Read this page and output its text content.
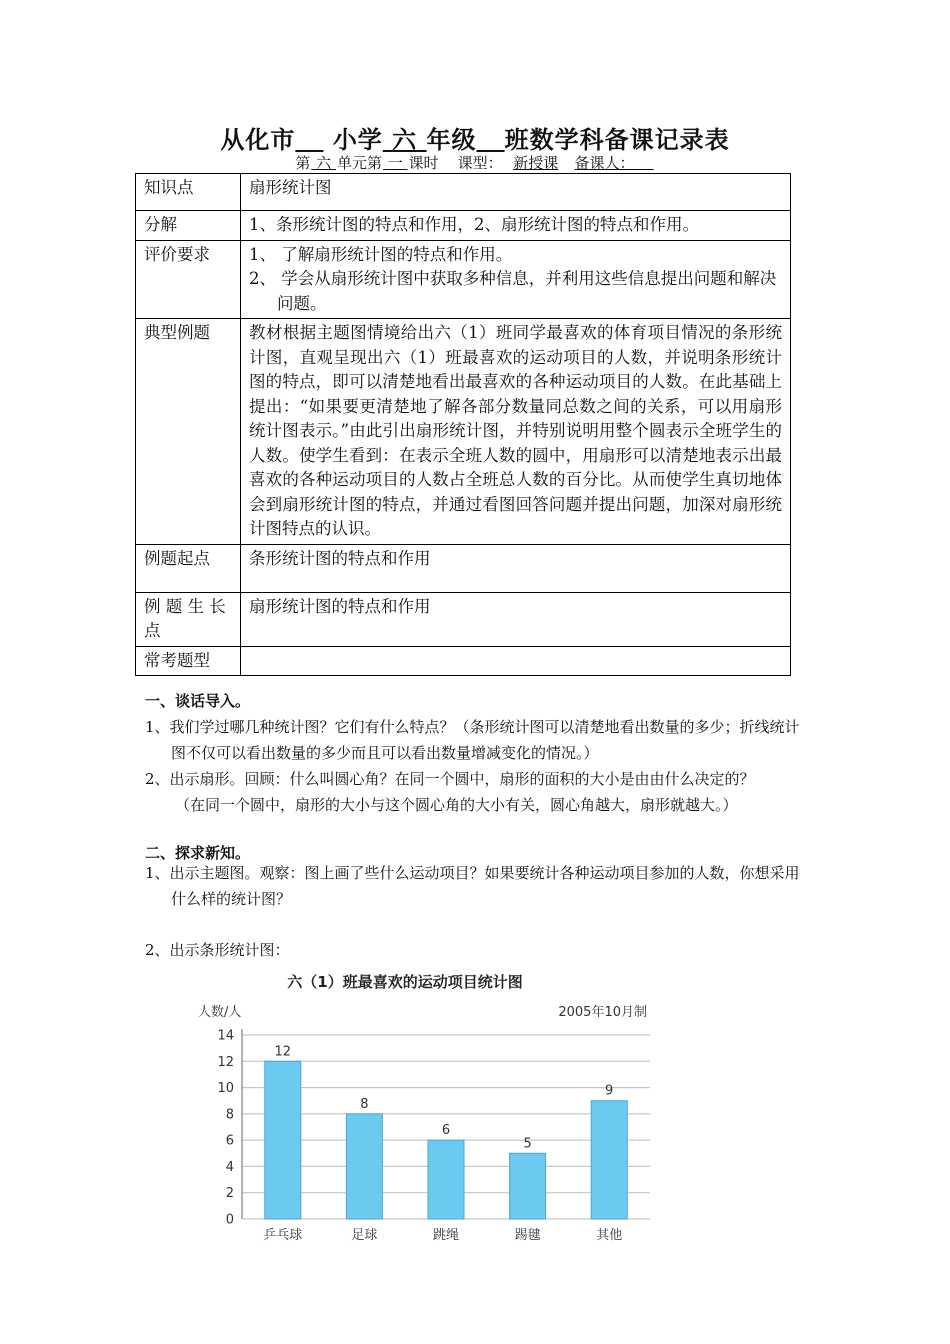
从化市 小学 六 年级 班数学科备课记录表
第 六 单元第 一 课时 课型： 新授课 备课人：
知识点	扇形统计图
分解	1、条形统计图的特点和作用，2、扇形统计图的特点和作用。
评价要求	1、 了解扇形统计图的特点和作用。
2、 学会从扇形统计图中获取多种信息，并利用这些信息提出问题和解决问题。

典型例题	教材根据主题图情境给出六（1）班同学最喜欢的体育项目情况的条形统计图，直观呈现出六（1）班最喜欢的运动项目的人数，并说明条形统计图的特点，即可以清楚地看出最喜欢的各种运动项目的人数。在此基础上提出：“如果要更清楚地了解各部分数量同总数之间的关系，可以用扇形统计图表示。”由此引出扇形统计图，并特别说明用整个圆表示全班学生的人数。使学生看到：在表示全班人数的圆中，用扇形可以清楚地表示出最喜欢的各种运动项目的人数占全班总人数的百分比。从而使学生真切地体会到扇形统计图的特点，并通过看图回答问题并提出问题，加深对扇形统计图特点的认识。
例题起点	条形统计图的特点和作用
例 题 生 长 点	扇形统计图的特点和作用
常考题型	
一、谈话导入。
1、我们学过哪几种统计图？它们有什么特点？（条形统计图可以清楚地看出数量的多少；折线统计图不仅可以看出数量的多少而且可以看出数量增减变化的情况。）
2、出示扇形。回顾：什么叫圆心角？在同一个圆中，扇形的面积的大小是由由什么决定的？
（在同一个圆中，扇形的大小与这个圆心角的大小有关，圆心角越大，扇形就越大。）
二、探求新知。
1、出示主题图。观察：图上画了些什么运动项目？如果要统计各种运动项目参加的人数，你想采用什么样的统计图？
2、出示条形统计图：
六（1）班最喜欢的运动项目统计图
人数/人	2005年10月制
0
2
4
6
8
10
12
14
12
乒乓球
8
足球
6
跳绳
5
踢毽
9
其他
